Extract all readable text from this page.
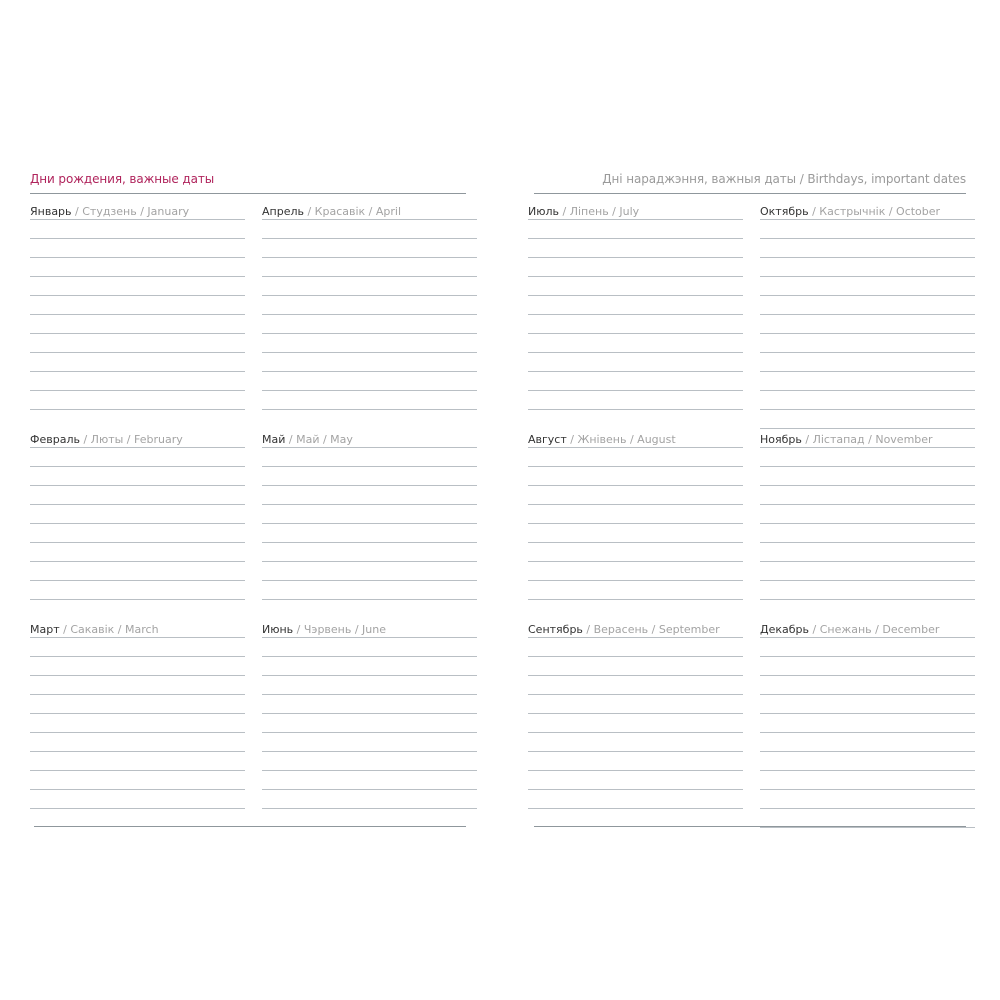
Дни рождения, важные даты
Январь / Студзень / January
Февраль / Люты / February
Март / Сакавік / March
Апрель / Красавік / April
Май / Май / May
Июнь / Чэрвень / June
Дні нараджэння, важныя даты / Birthdays, important dates
Июль / Ліпень / July
Август / Жнівень / August
Сентябрь / Верасень / September
Октябрь / Кастрычнік / October
Ноябрь / Лістапад / November
Декабрь / Снежань / December
